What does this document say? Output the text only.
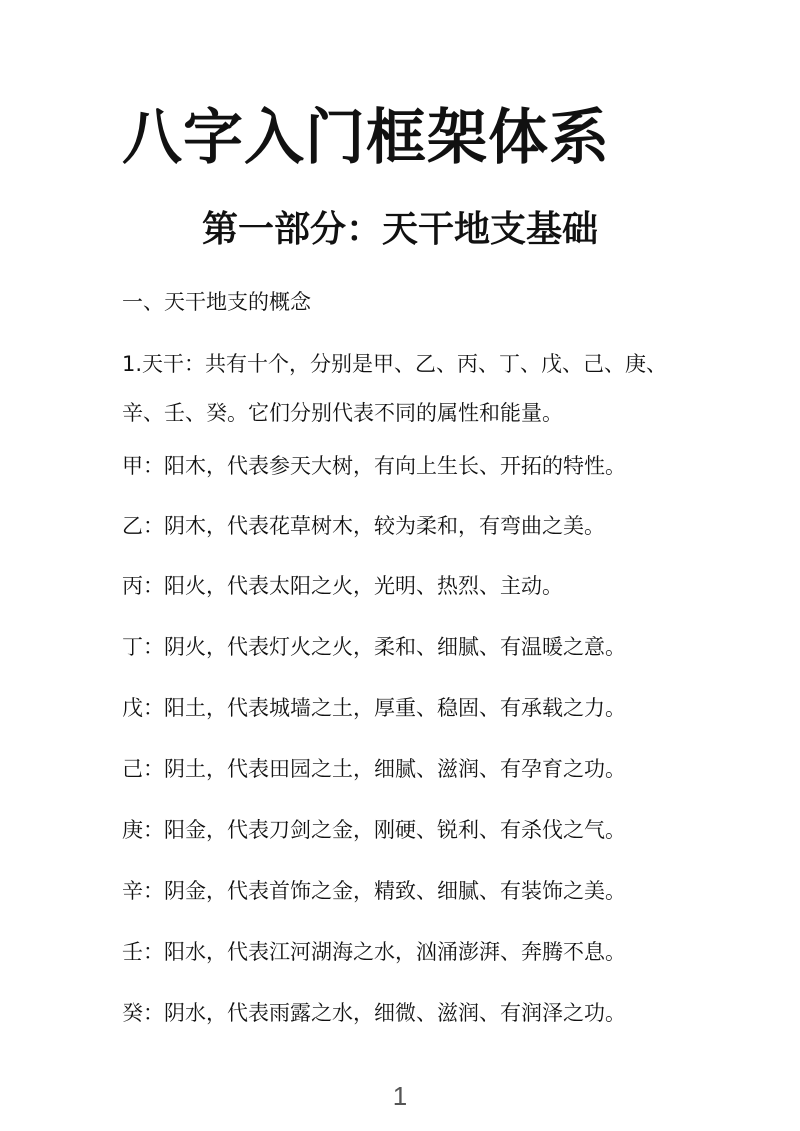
八字入门框架体系
第一部分：天干地支基础

一、天干地支的概念

1.天干：共有十个，分别是甲、乙、丙、丁、戊、己、庚、
辛、壬、癸。它们分别代表不同的属性和能量。

甲：阳木，代表参天大树，有向上生长、开拓的特性。

乙：阴木，代表花草树木，较为柔和，有弯曲之美。

丙：阳火，代表太阳之火，光明、热烈、主动。

丁：阴火，代表灯火之火，柔和、细腻、有温暖之意。

戊：阳土，代表城墙之土，厚重、稳固、有承载之力。

己：阴土，代表田园之土，细腻、滋润、有孕育之功。

庚：阳金，代表刀剑之金，刚硬、锐利、有杀伐之气。

辛：阴金，代表首饰之金，精致、细腻、有装饰之美。

壬：阳水，代表江河湖海之水，汹涌澎湃、奔腾不息。

癸：阴水，代表雨露之水，细微、滋润、有润泽之功。

1
